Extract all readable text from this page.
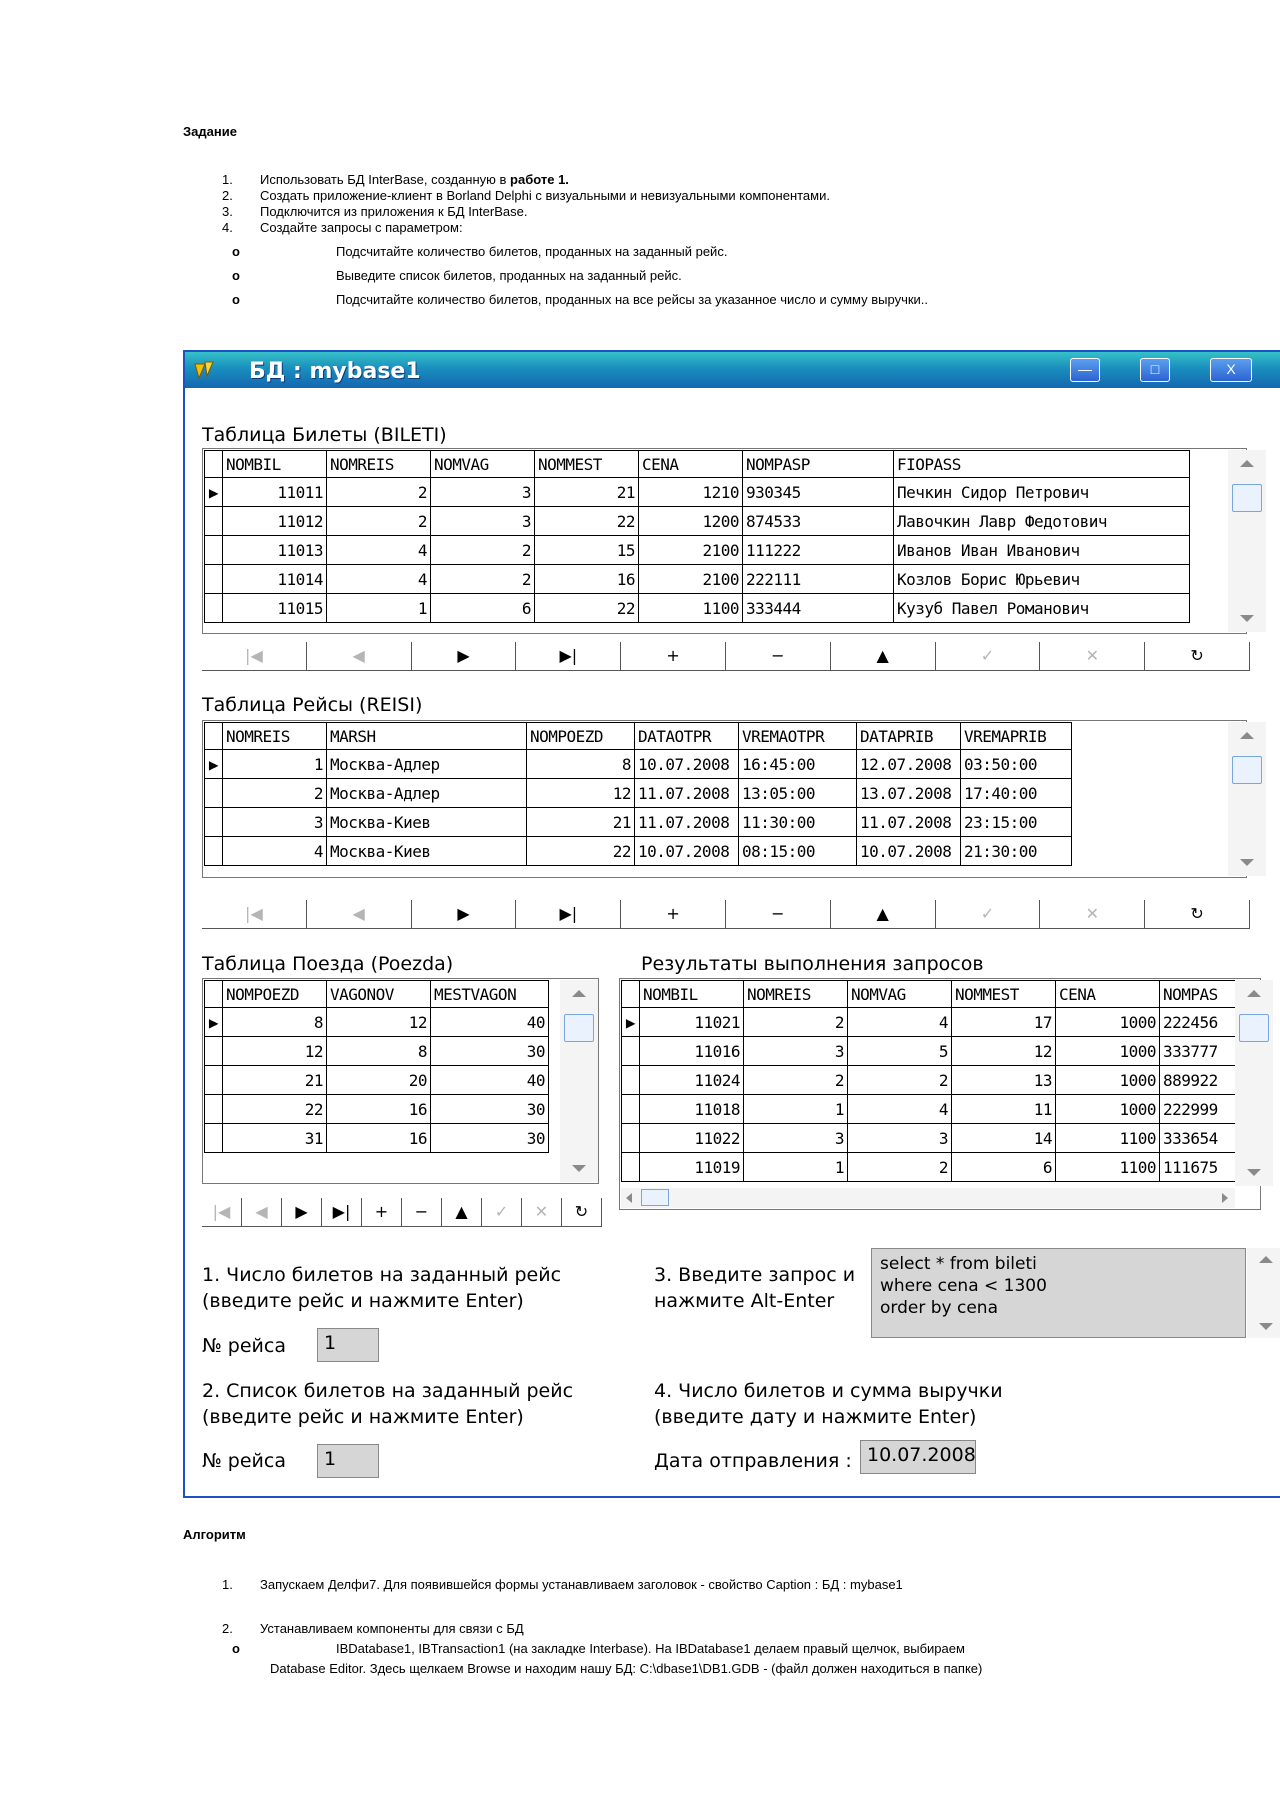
Задание
1. Использовать БД InterBase, созданную в работе 1.
2. Создать приложение-клиент в Borland Delphi с визуальными и невизуальными компонентами.
3. Подключится из приложения к БД InterBase.
4. Создайте запросы с параметром:
o	Подсчитайте количество билетов, проданных на заданный рейс.
o	Выведите список билетов, проданных на заданный рейс.
o	Подсчитайте количество билетов, проданных на все рейсы за указанное число и сумму выручки..
БД : mybase1	—	□	X
Таблица Билеты (BILETI)
	NOMBIL	NOMREIS	NOMVAG	NOMMEST	CENA	NOMPASP	FIOPASS
▶	11011	2	3	21	1210	930345	Печкин Сидор Петрович
	11012	2	3	22	1200	874533	Лавочкин Лавр Федотович
	11013	4	2	15	2100	111222	Иванов Иван Иванович
	11014	4	2	16	2100	222111	Козлов Борис Юрьевич
	11015	1	6	22	1100	333444	Кузуб Павел Романович
|◀	◀	▶	▶|	+	−	▲	✓	✕	↻
Таблица Рейсы (REISI)
	NOMREIS	MARSH	NOMPOEZD	DATAOTPR	VREMAOTPR	DATAPRIB	VREMAPRIB
▶	1	Москва-Адлер	8	10.07.2008	16:45:00	12.07.2008	03:50:00
	2	Москва-Адлер	12	11.07.2008	13:05:00	13.07.2008	17:40:00
	3	Москва-Киев	21	11.07.2008	11:30:00	11.07.2008	23:15:00
	4	Москва-Киев	22	10.07.2008	08:15:00	10.07.2008	21:30:00
|◀	◀	▶	▶|	+	−	▲	✓	✕	↻
Таблица Поезда (Poezda)
	NOMPOEZD	VAGONOV	MESTVAGON
▶	8	12	40
	12	8	30
	21	20	40
	22	16	30
	31	16	30
|◀	◀	▶	▶|	+	−	▲	✓	✕	↻
Результаты выполнения запросов
	NOMBIL	NOMREIS	NOMVAG	NOMMEST	CENA	NOMPAS
▶	11021	2	4	17	1000	222456
	11016	3	5	12	1000	333777
	11024	2	2	13	1000	889922
	11018	1	4	11	1000	222999
	11022	3	3	14	1100	333654
	11019	1	2	6	1100	111675
1. Число билетов на заданный рейс
(введите рейс и нажмите Enter)
№ рейса	1
2. Список билетов на заданный рейс
(введите рейс и нажмите Enter)
№ рейса	1
3. Введите запрос и
нажмите Alt-Enter
select * from bileti
where cena < 1300
order by cena
4. Число билетов и сумма выручки
(введите дату и нажмите Enter)
Дата отправления : 10.07.2008
Алгоритм
1. Запускаем Делфи7. Для появившейся формы устанавливаем заголовок - свойство Caption : БД : mybase1
2. Устанавливаем компоненты для связи с БД
o	IBDatabase1, IBTransaction1 (на закладке Interbase). На IBDatabase1 делаем правый щелчок, выбираем
Database Editor. Здесь щелкаем Browse и находим нашу БД: C:\dbase1\DB1.GDB - (файл должен находиться в папке)
